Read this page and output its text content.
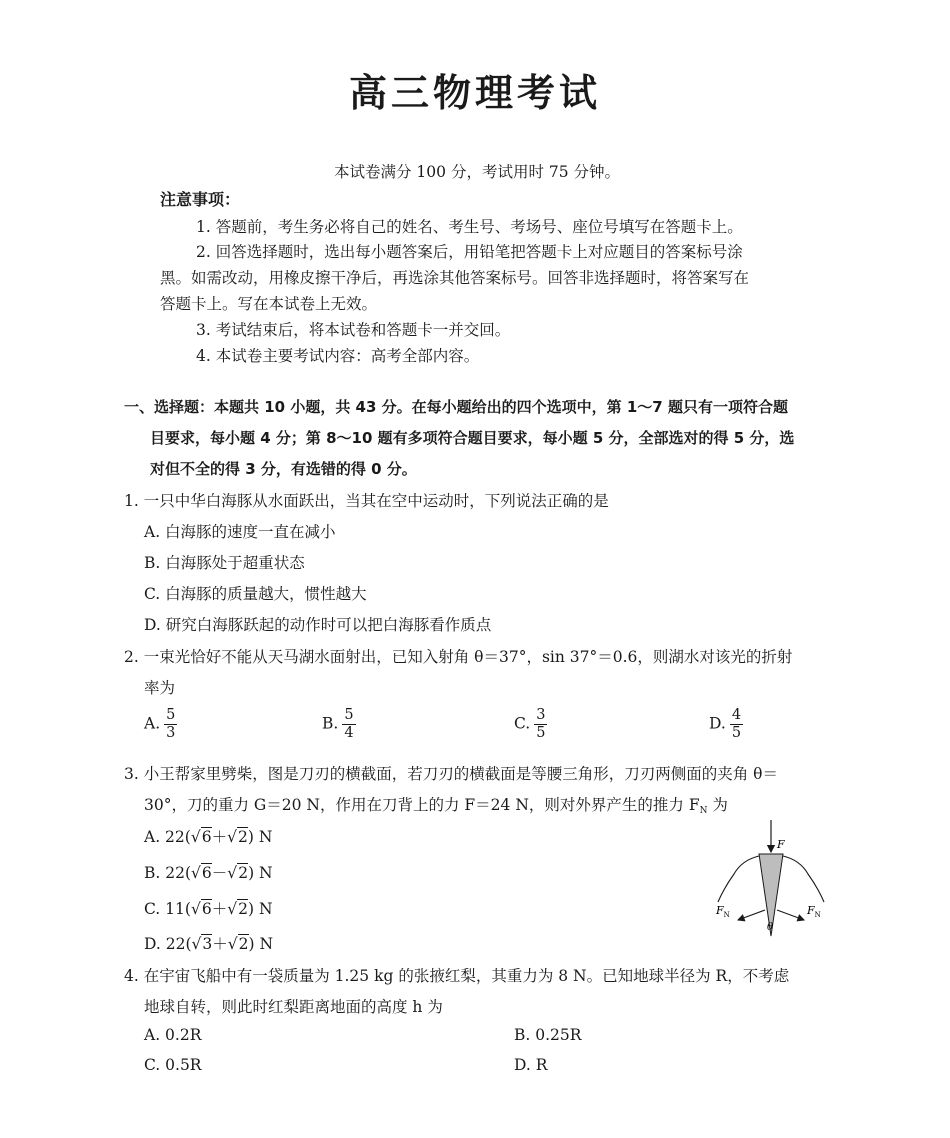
高三物理考试
本试卷满分 100 分，考试用时 75 分钟。
注意事项：
1. 答题前，考生务必将自己的姓名、考生号、考场号、座位号填写在答题卡上。
2. 回答选择题时，选出每小题答案后，用铅笔把答题卡上对应题目的答案标号涂
黑。如需改动，用橡皮擦干净后，再选涂其他答案标号。回答非选择题时，将答案写在
答题卡上。写在本试卷上无效。
3. 考试结束后，将本试卷和答题卡一并交回。
4. 本试卷主要考试内容：高考全部内容。
一、选择题：本题共 10 小题，共 43 分。在每小题给出的四个选项中，第 1～7 题只有一项符合题
目要求，每小题 4 分；第 8～10 题有多项符合题目要求，每小题 5 分，全部选对的得 5 分，选
对但不全的得 3 分，有选错的得 0 分。
1. 一只中华白海豚从水面跃出，当其在空中运动时，下列说法正确的是
A. 白海豚的速度一直在减小
B. 白海豚处于超重状态
C. 白海豚的质量越大，惯性越大
D. 研究白海豚跃起的动作时可以把白海豚看作质点
2. 一束光恰好不能从天马湖水面射出，已知入射角 θ＝37°，sin 37°＝0.6，则湖水对该光的折射
率为
A. $\frac{5}{3}$	B. $\frac{5}{4}$	C. $\frac{3}{5}$	D. $\frac{4}{5}$
3. 小王帮家里劈柴，图是刀刃的横截面，若刀刃的横截面是等腰三角形，刀刃两侧面的夹角 θ＝
30°，刀的重力 G＝20 N，作用在刀背上的力 F＝24 N，则对外界产生的推力 $F_N$ 为
A. 22(√6＋√2) N
B. 22(√6－√2) N
C. 11(√6＋√2) N
D. 22(√3＋√2) N
F
$F_N$	$F_N$
θ
4. 在宇宙飞船中有一袋质量为 1.25 kg 的张掖红梨，其重力为 8 N。已知地球半径为 R，不考虑
地球自转，则此时红梨距离地面的高度 h 为
A. 0.2R	B. 0.25R
C. 0.5R	D. R
